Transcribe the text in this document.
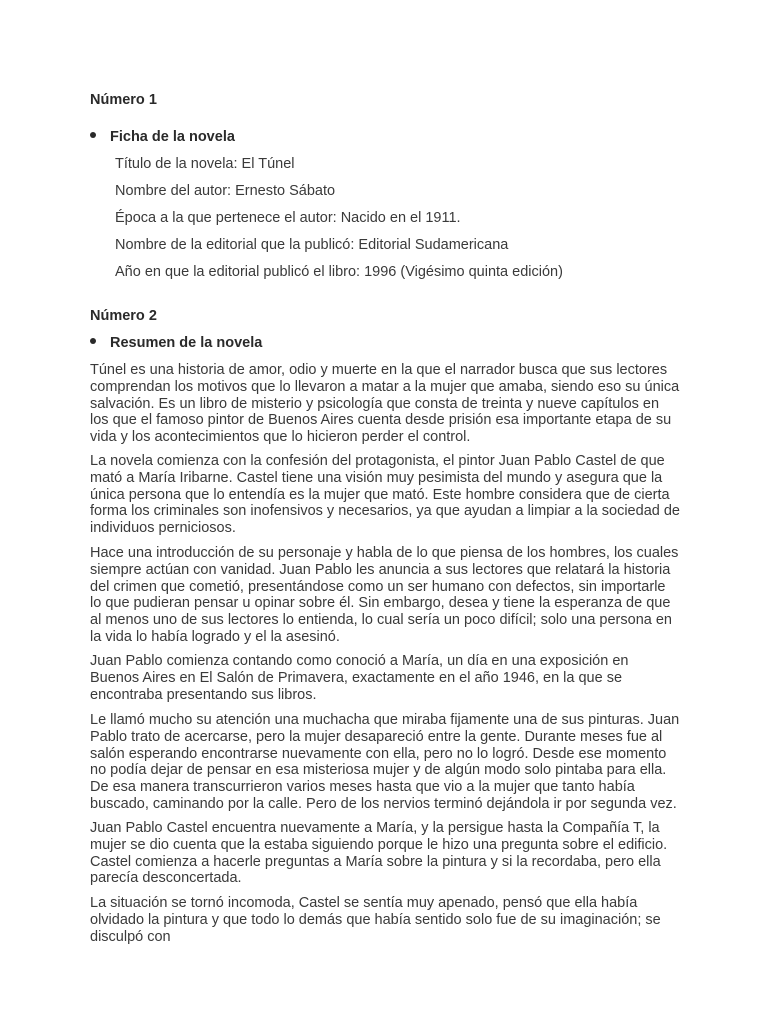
Número 1
Ficha de la novela
Título de la novela: El Túnel
Nombre del autor: Ernesto Sábato
Época a la que pertenece el autor: Nacido en el 1911.
Nombre de la editorial que la publicó: Editorial Sudamericana
Año en que la editorial publicó el libro: 1996 (Vigésimo quinta edición)
Número 2
Resumen de la novela

Túnel es una historia de amor, odio y muerte en la que el narrador busca que sus lectores comprendan los motivos que lo llevaron a matar a la mujer que amaba, siendo eso su única salvación. Es un libro de misterio y psicología que consta de treinta y nueve capítulos en los que el famoso pintor de Buenos Aires cuenta desde prisión esa importante etapa de su vida y los acontecimientos que lo hicieron perder el control.

La novela comienza con la confesión del protagonista, el pintor Juan Pablo Castel de que mató a María Iribarne. Castel tiene una visión muy pesimista del mundo y asegura que la única persona que lo entendía es la mujer que mató. Este hombre considera que de cierta forma los criminales son inofensivos y necesarios, ya que ayudan a limpiar a la sociedad de individuos perniciosos.

Hace una introducción de su personaje y habla de lo que piensa de los hombres, los cuales siempre actúan con vanidad. Juan Pablo les anuncia a sus lectores que relatará la historia del crimen que cometió, presentándose como un ser humano con defectos, sin importarle lo que pudieran pensar u opinar sobre él. Sin embargo, desea y tiene la esperanza de que al menos uno de sus lectores lo entienda, lo cual sería un poco difícil; solo una persona en la vida lo había logrado y el la asesinó.

Juan Pablo comienza contando como conoció a María, un día en una exposición en Buenos Aires en El Salón de Primavera, exactamente en el año 1946, en la que se encontraba presentando sus libros.

Le llamó mucho su atención una muchacha que miraba fijamente una de sus pinturas. Juan Pablo trato de acercarse, pero la mujer desapareció entre la gente. Durante meses fue al salón esperando encontrarse nuevamente con ella, pero no lo logró. Desde ese momento no podía dejar de pensar en esa misteriosa mujer y de algún modo solo pintaba para ella. De esa manera transcurrieron varios meses hasta que vio a la mujer que tanto había buscado, caminando por la calle. Pero de los nervios terminó dejándola ir por segunda vez.

Juan Pablo Castel encuentra nuevamente a María, y la persigue hasta la Compañía T, la mujer se dio cuenta que la estaba siguiendo porque le hizo una pregunta sobre el edificio. Castel comienza a hacerle preguntas a María sobre la pintura y si la recordaba, pero ella parecía desconcertada.

La situación se tornó incomoda, Castel se sentía muy apenado, pensó que ella había olvidado la pintura y que todo lo demás que había sentido solo fue de su imaginación; se disculpó con
